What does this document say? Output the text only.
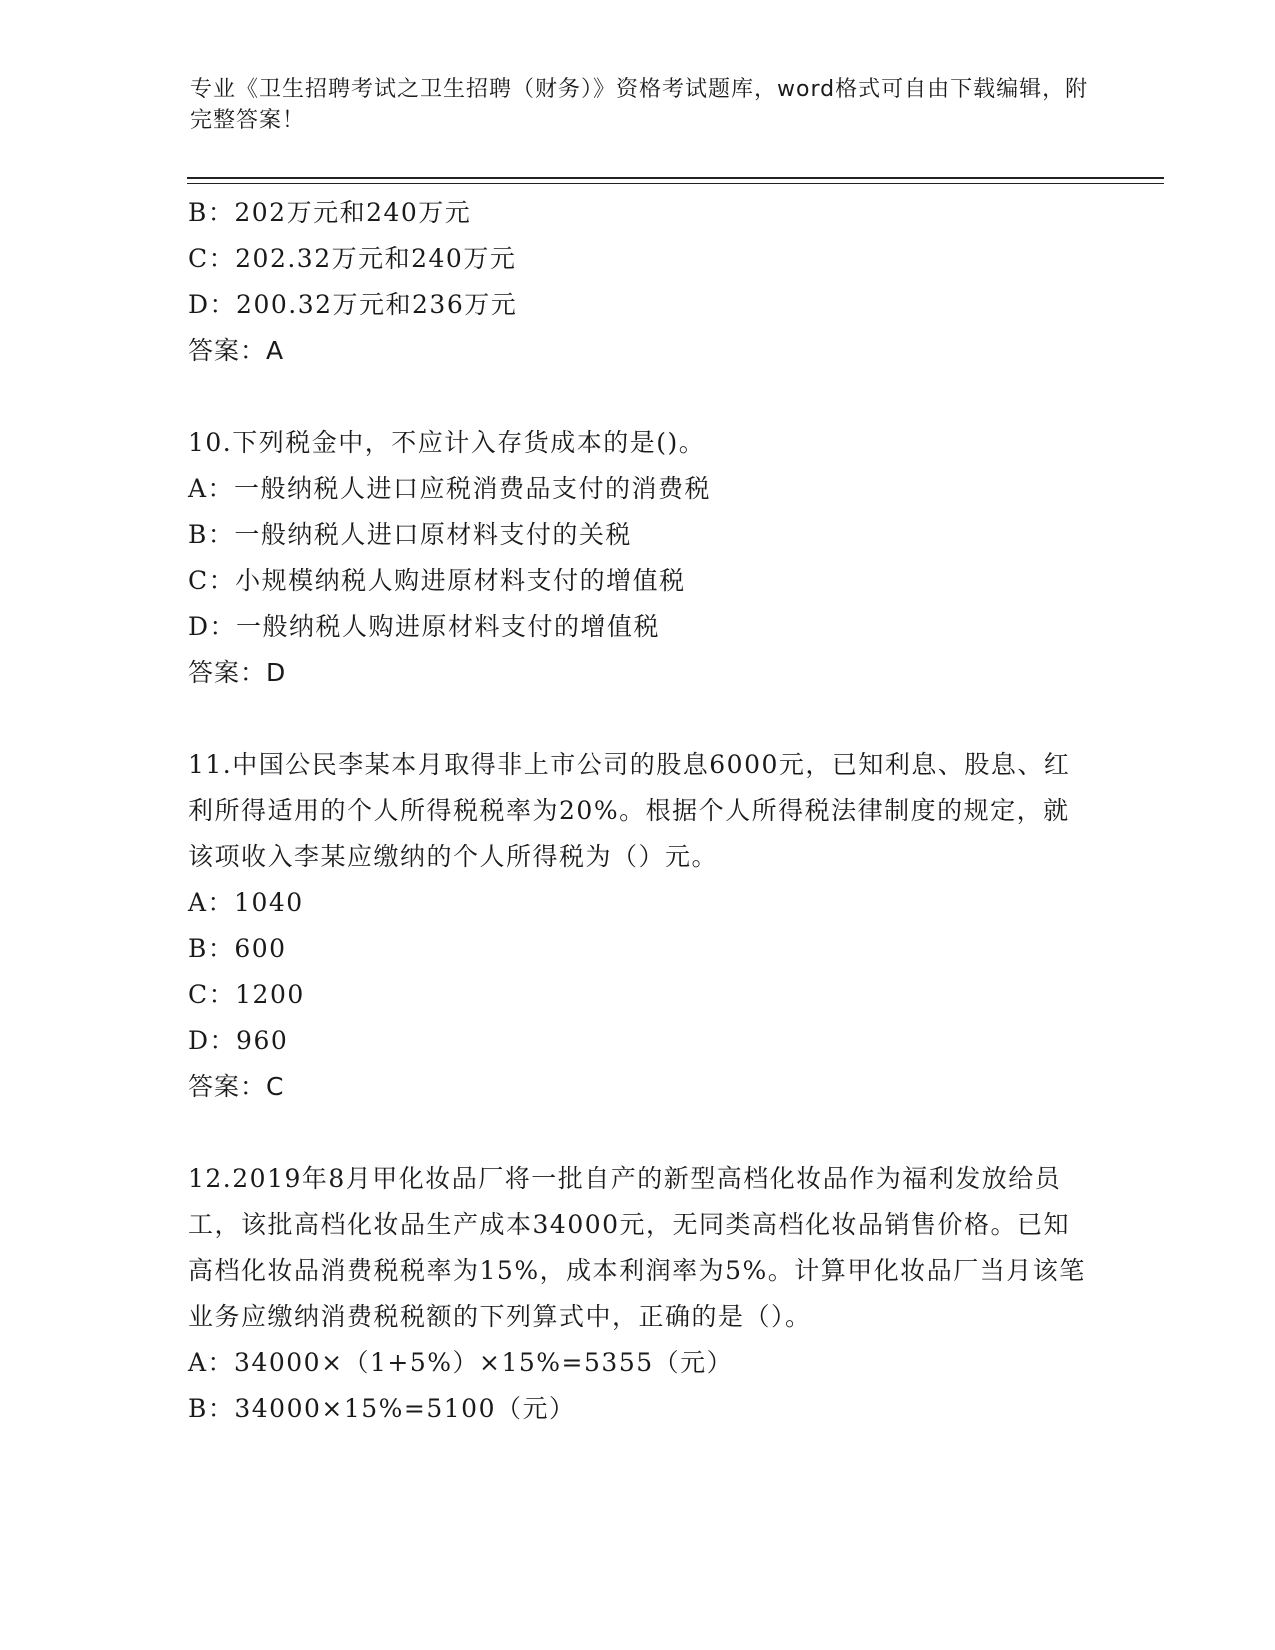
专业《卫生招聘考试之卫生招聘（财务）》资格考试题库，word格式可自由下载编辑，附完整答案！
B：202万元和240万元
C：202.32万元和240万元
D：200.32万元和236万元
答案：A
10.下列税金中，不应计入存货成本的是()。
A：一般纳税人进口应税消费品支付的消费税
B：一般纳税人进口原材料支付的关税
C：小规模纳税人购进原材料支付的增值税
D：一般纳税人购进原材料支付的增值税
答案：D
11.中国公民李某本月取得非上市公司的股息6000元，已知利息、股息、红利所得适用的个人所得税税率为20%。根据个人所得税法律制度的规定，就该项收入李某应缴纳的个人所得税为（）元。
A：1040
B：600
C：1200
D：960
答案：C
12.2019年8月甲化妆品厂将一批自产的新型高档化妆品作为福利发放给员工，该批高档化妆品生产成本34000元，无同类高档化妆品销售价格。已知高档化妆品消费税税率为15%，成本利润率为5%。计算甲化妆品厂当月该笔业务应缴纳消费税税额的下列算式中，正确的是（）。
A：34000×（1+5%）×15%=5355（元）
B：34000×15%=5100（元）
